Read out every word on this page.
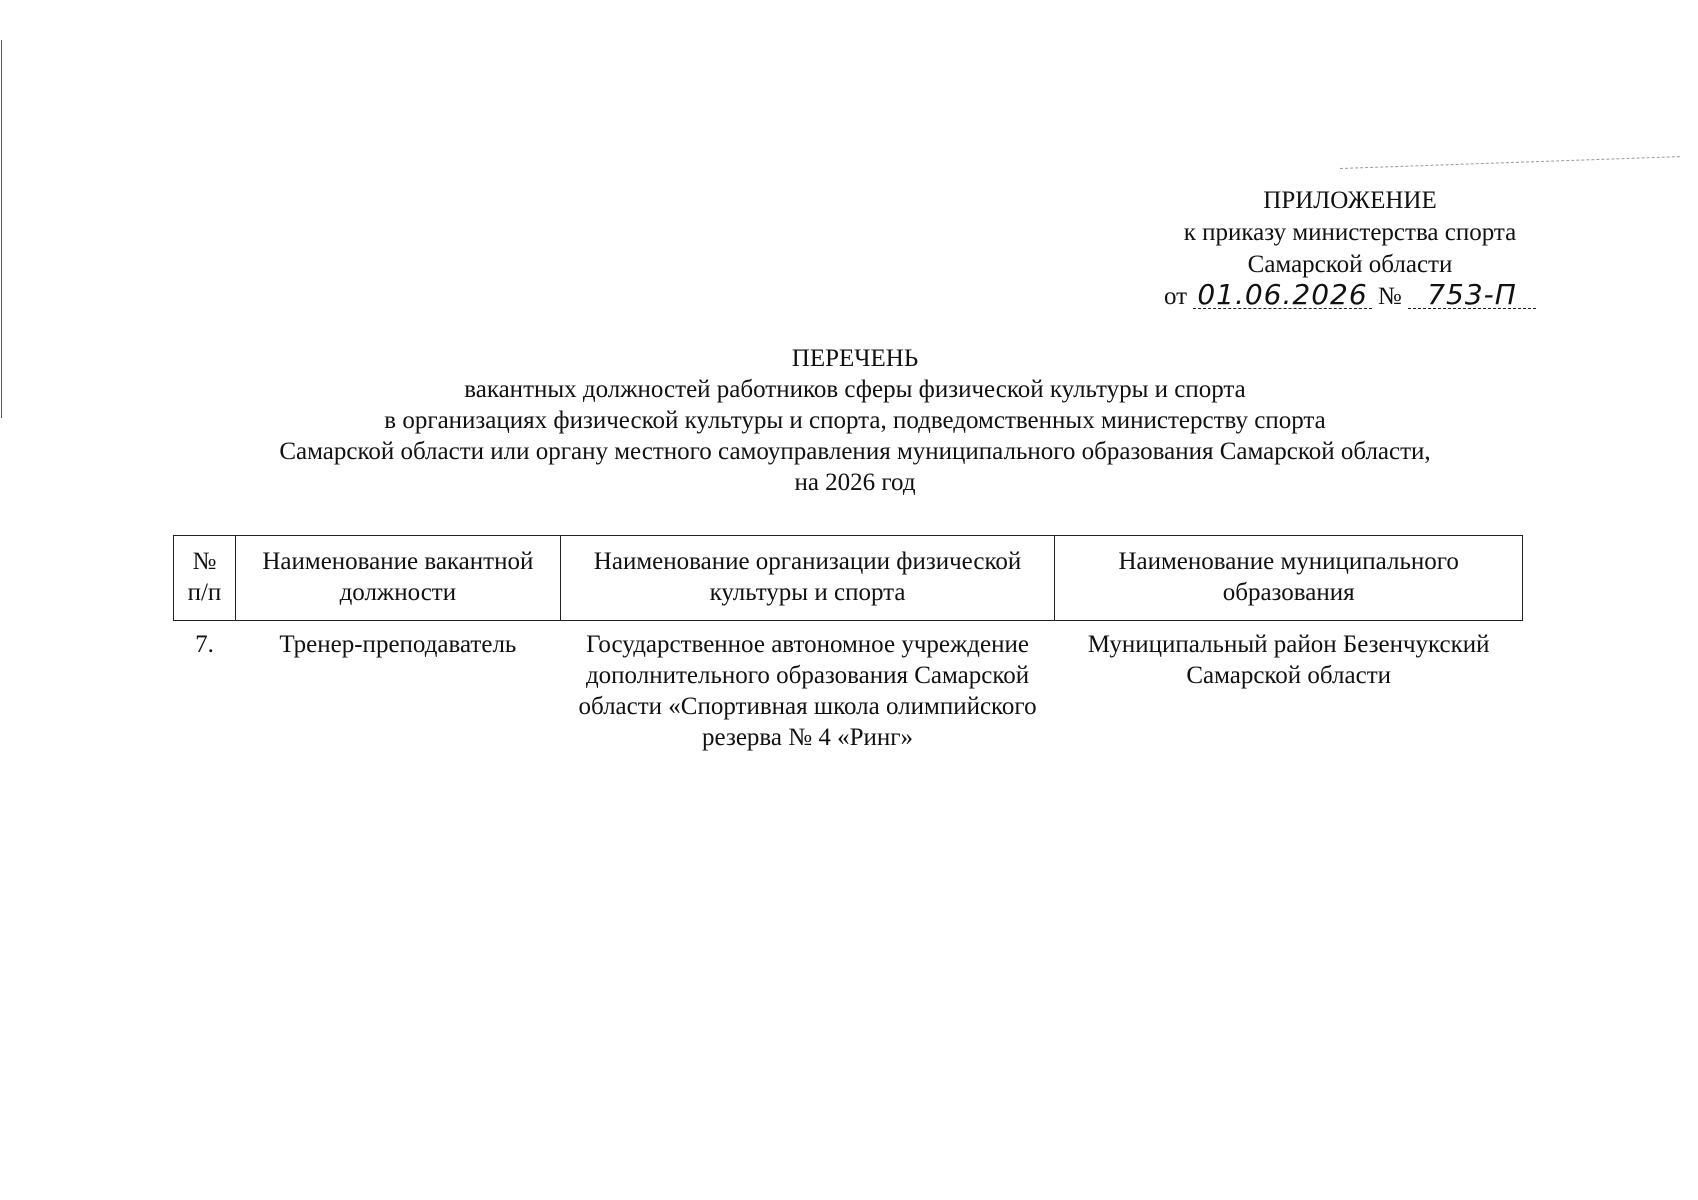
ПРИЛОЖЕНИЕ
к приказу министерства спорта
Самарской области
от 01.06.2026 № 753-П
ПЕРЕЧЕНЬ
вакантных должностей работников сферы физической культуры и спорта
в организациях физической культуры и спорта, подведомственных министерству спорта
Самарской области или органу местного самоуправления муниципального образования Самарской области,
на 2026 год
№ п/п	Наименование вакантной должности	Наименование организации физической культуры и спорта	Наименование муниципального образования
7.	Тренер-преподаватель	Государственное автономное учреждение дополнительного образования Самарской области «Спортивная школа олимпийского резерва № 4 «Ринг»	Муниципальный район Безенчукский Самарской области
